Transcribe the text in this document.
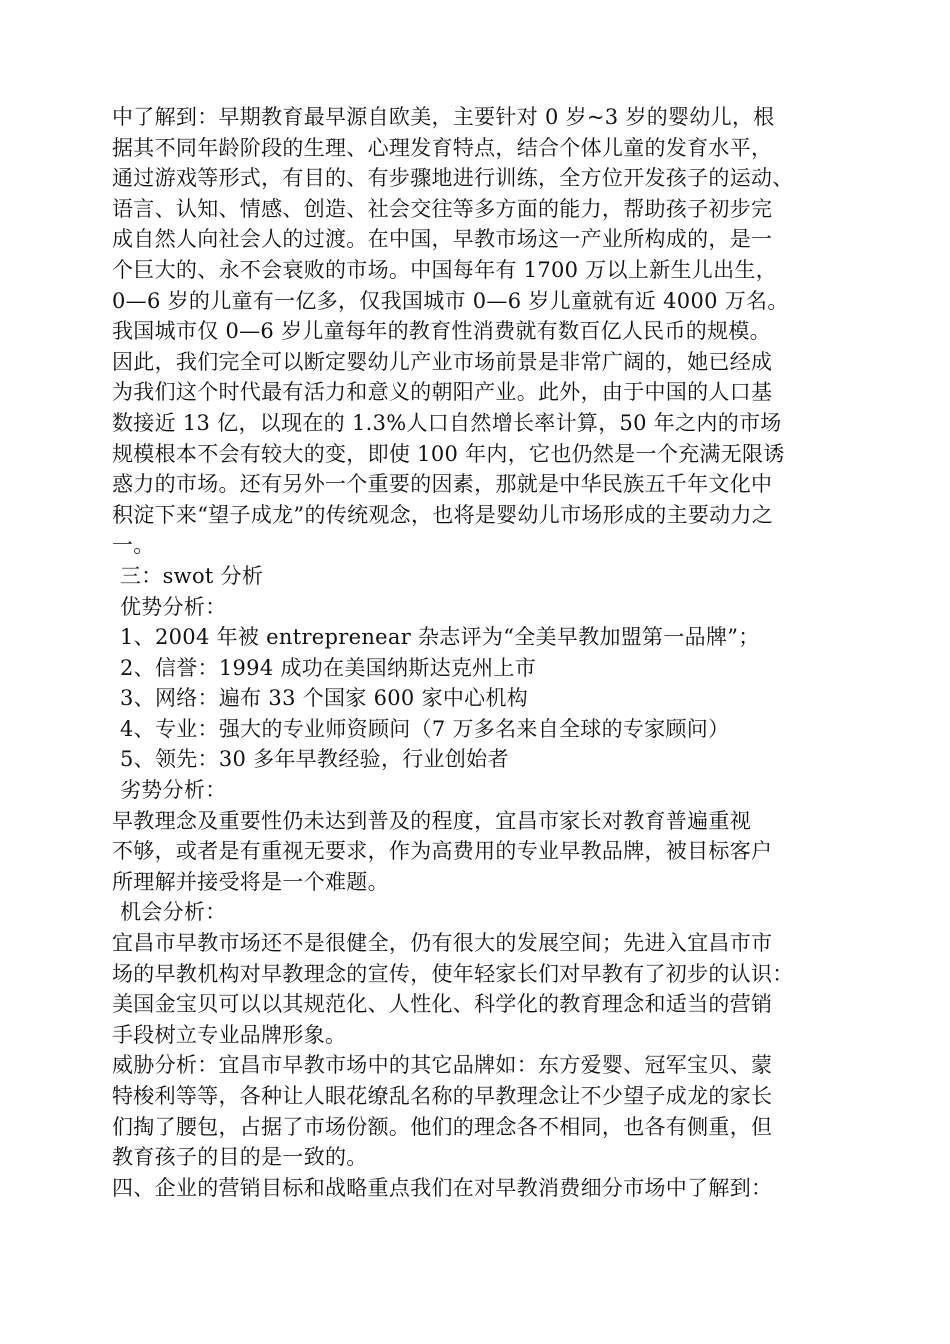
中了解到：早期教育最早源自欧美，主要针对 0 岁~3 岁的婴幼儿，根
据其不同年龄阶段的生理、心理发育特点，结合个体儿童的发育水平，
通过游戏等形式，有目的、有步骤地进行训练，全方位开发孩子的运动、
语言、认知、情感、创造、社会交往等多方面的能力，帮助孩子初步完
成自然人向社会人的过渡。在中国，早教市场这一产业所构成的，是一
个巨大的、永不会衰败的市场。中国每年有 1700 万以上新生儿出生，
0—6 岁的儿童有一亿多，仅我国城市 0—6 岁儿童就有近 4000 万名。
我国城市仅 0—6 岁儿童每年的教育性消费就有数百亿人民币的规模。
因此，我们完全可以断定婴幼儿产业市场前景是非常广阔的，她已经成
为我们这个时代最有活力和意义的朝阳产业。此外，由于中国的人口基
数接近 13 亿，以现在的 1.3%人口自然增长率计算，50 年之内的市场
规模根本不会有较大的变，即使 100 年内，它也仍然是一个充满无限诱
惑力的市场。还有另外一个重要的因素，那就是中华民族五千年文化中
积淀下来“望子成龙”的传统观念，也将是婴幼儿市场形成的主要动力之
一。
三：swot 分析
优势分析：
1、2004 年被 entreprenear 杂志评为“全美早教加盟第一品牌”；
2、信誉：1994 成功在美国纳斯达克州上市
3、网络：遍布 33 个国家 600 家中心机构
4、专业：强大的专业师资顾问（7 万多名来自全球的专家顾问）
5、领先：30 多年早教经验，行业创始者
劣势分析：
早教理念及重要性仍未达到普及的程度，宜昌市家长对教育普遍重视
不够，或者是有重视无要求，作为高费用的专业早教品牌，被目标客户
所理解并接受将是一个难题。
机会分析：
宜昌市早教市场还不是很健全，仍有很大的发展空间；先进入宜昌市市
场的早教机构对早教理念的宣传，使年轻家长们对早教有了初步的认识：
美国金宝贝可以以其规范化、人性化、科学化的教育理念和适当的营销
手段树立专业品牌形象。
威胁分析：宜昌市早教市场中的其它品牌如：东方爱婴、冠军宝贝、蒙
特梭利等等，各种让人眼花缭乱名称的早教理念让不少望子成龙的家长
们掏了腰包，占据了市场份额。他们的理念各不相同，也各有侧重，但
教育孩子的目的是一致的。
四、企业的营销目标和战略重点我们在对早教消费细分市场中了解到：
